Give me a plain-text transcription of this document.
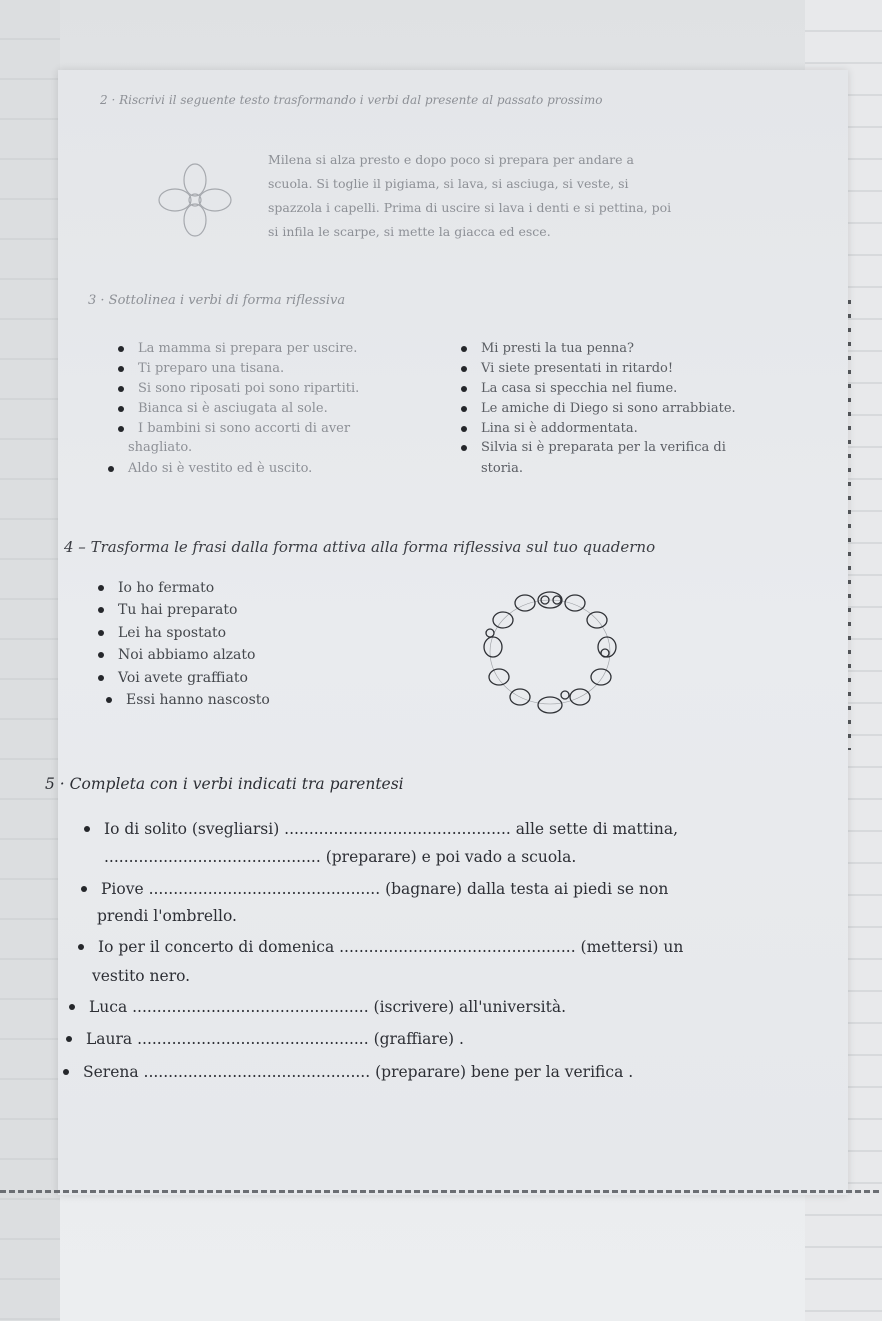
2 · Riscrivi il seguente testo trasformando i verbi dal presente al passato prossimo
Milena si alza presto e dopo poco si prepara per andare a
scuola. Si toglie il pigiama, si lava, si asciuga, si veste, si
spazzola i capelli. Prima di uscire si lava i denti e si pettina, poi
si infila le scarpe, si mette la giacca ed esce.
3 · Sottolinea i verbi di forma riflessiva
La mamma si prepara per uscire.
Ti preparo una tisana.
Si sono riposati poi sono ripartiti.
Bianca si è asciugata al sole.
I bambini si sono accorti di aver
shagliato.
Aldo si è vestito ed è uscito.
Mi presti la tua penna?
Vi siete presentati in ritardo!
La casa si specchia nel fiume.
Le amiche di Diego si sono arrabbiate.
Lina si è addormentata.
Silvia si è preparata per la verifica di
storia.
4 – Trasforma le frasi dalla forma attiva alla forma riflessiva sul tuo quaderno
Io ho fermato
Tu hai preparato
Lei ha spostato
Noi abbiamo alzato
Voi avete graffiato
Essi hanno nascosto
5 · Completa con i verbi indicati tra parentesi
Io di solito (svegliarsi) .............................................. alle sette di mattina,
............................................ (preparare) e poi vado a scuola.
Piove ............................................... (bagnare) dalla testa ai piedi se non
prendi l'ombrello.
Io per il concerto di domenica ................................................ (mettersi) un
vestito nero.
Luca ................................................ (iscrivere) all'università.
Laura ............................................... (graffiare) .
Serena .............................................. (preparare) bene per la verifica .
